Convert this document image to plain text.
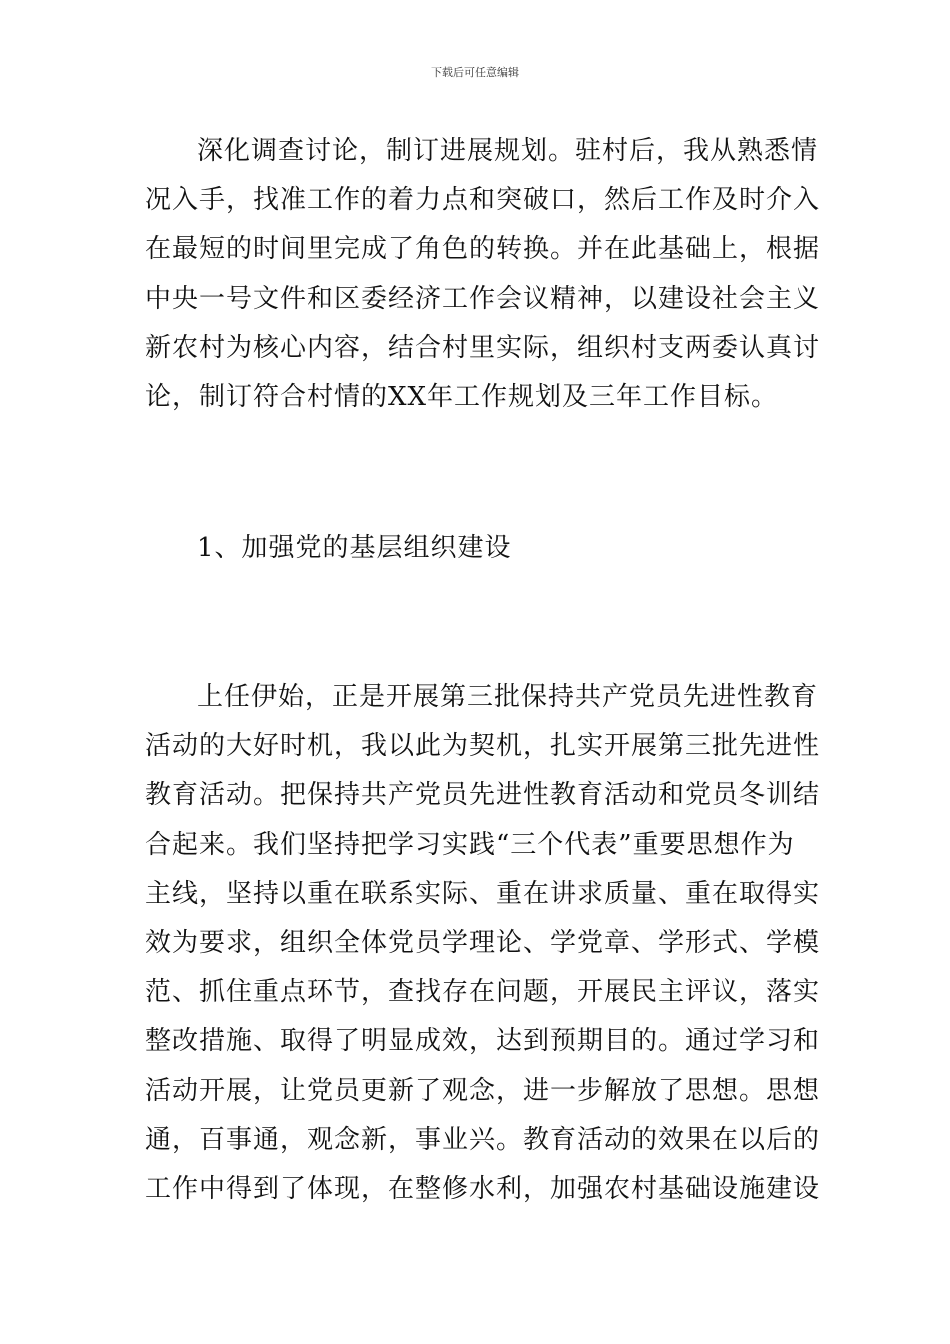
下载后可任意编辑
深化调查讨论，制订进展规划。驻村后，我从熟悉情
况入手，找准工作的着力点和突破口，然后工作及时介入
在最短的时间里完成了角色的转换。并在此基础上，根据
中央一号文件和区委经济工作会议精神，以建设社会主义
新农村为核心内容，结合村里实际，组织村支两委认真讨
论，制订符合村情的XX年工作规划及三年工作目标。
1、加强党的基层组织建设
上任伊始，正是开展第三批保持共产党员先进性教育
活动的大好时机，我以此为契机，扎实开展第三批先进性
教育活动。把保持共产党员先进性教育活动和党员冬训结
合起来。我们坚持把学习实践“三个代表”重要思想作为
主线，坚持以重在联系实际、重在讲求质量、重在取得实
效为要求，组织全体党员学理论、学党章、学形式、学模
范、抓住重点环节，查找存在问题，开展民主评议，落实
整改措施、取得了明显成效，达到预期目的。通过学习和
活动开展，让党员更新了观念，进一步解放了思想。思想
通，百事通，观念新，事业兴。教育活动的效果在以后的
工作中得到了体现，在整修水利，加强农村基础设施建设
